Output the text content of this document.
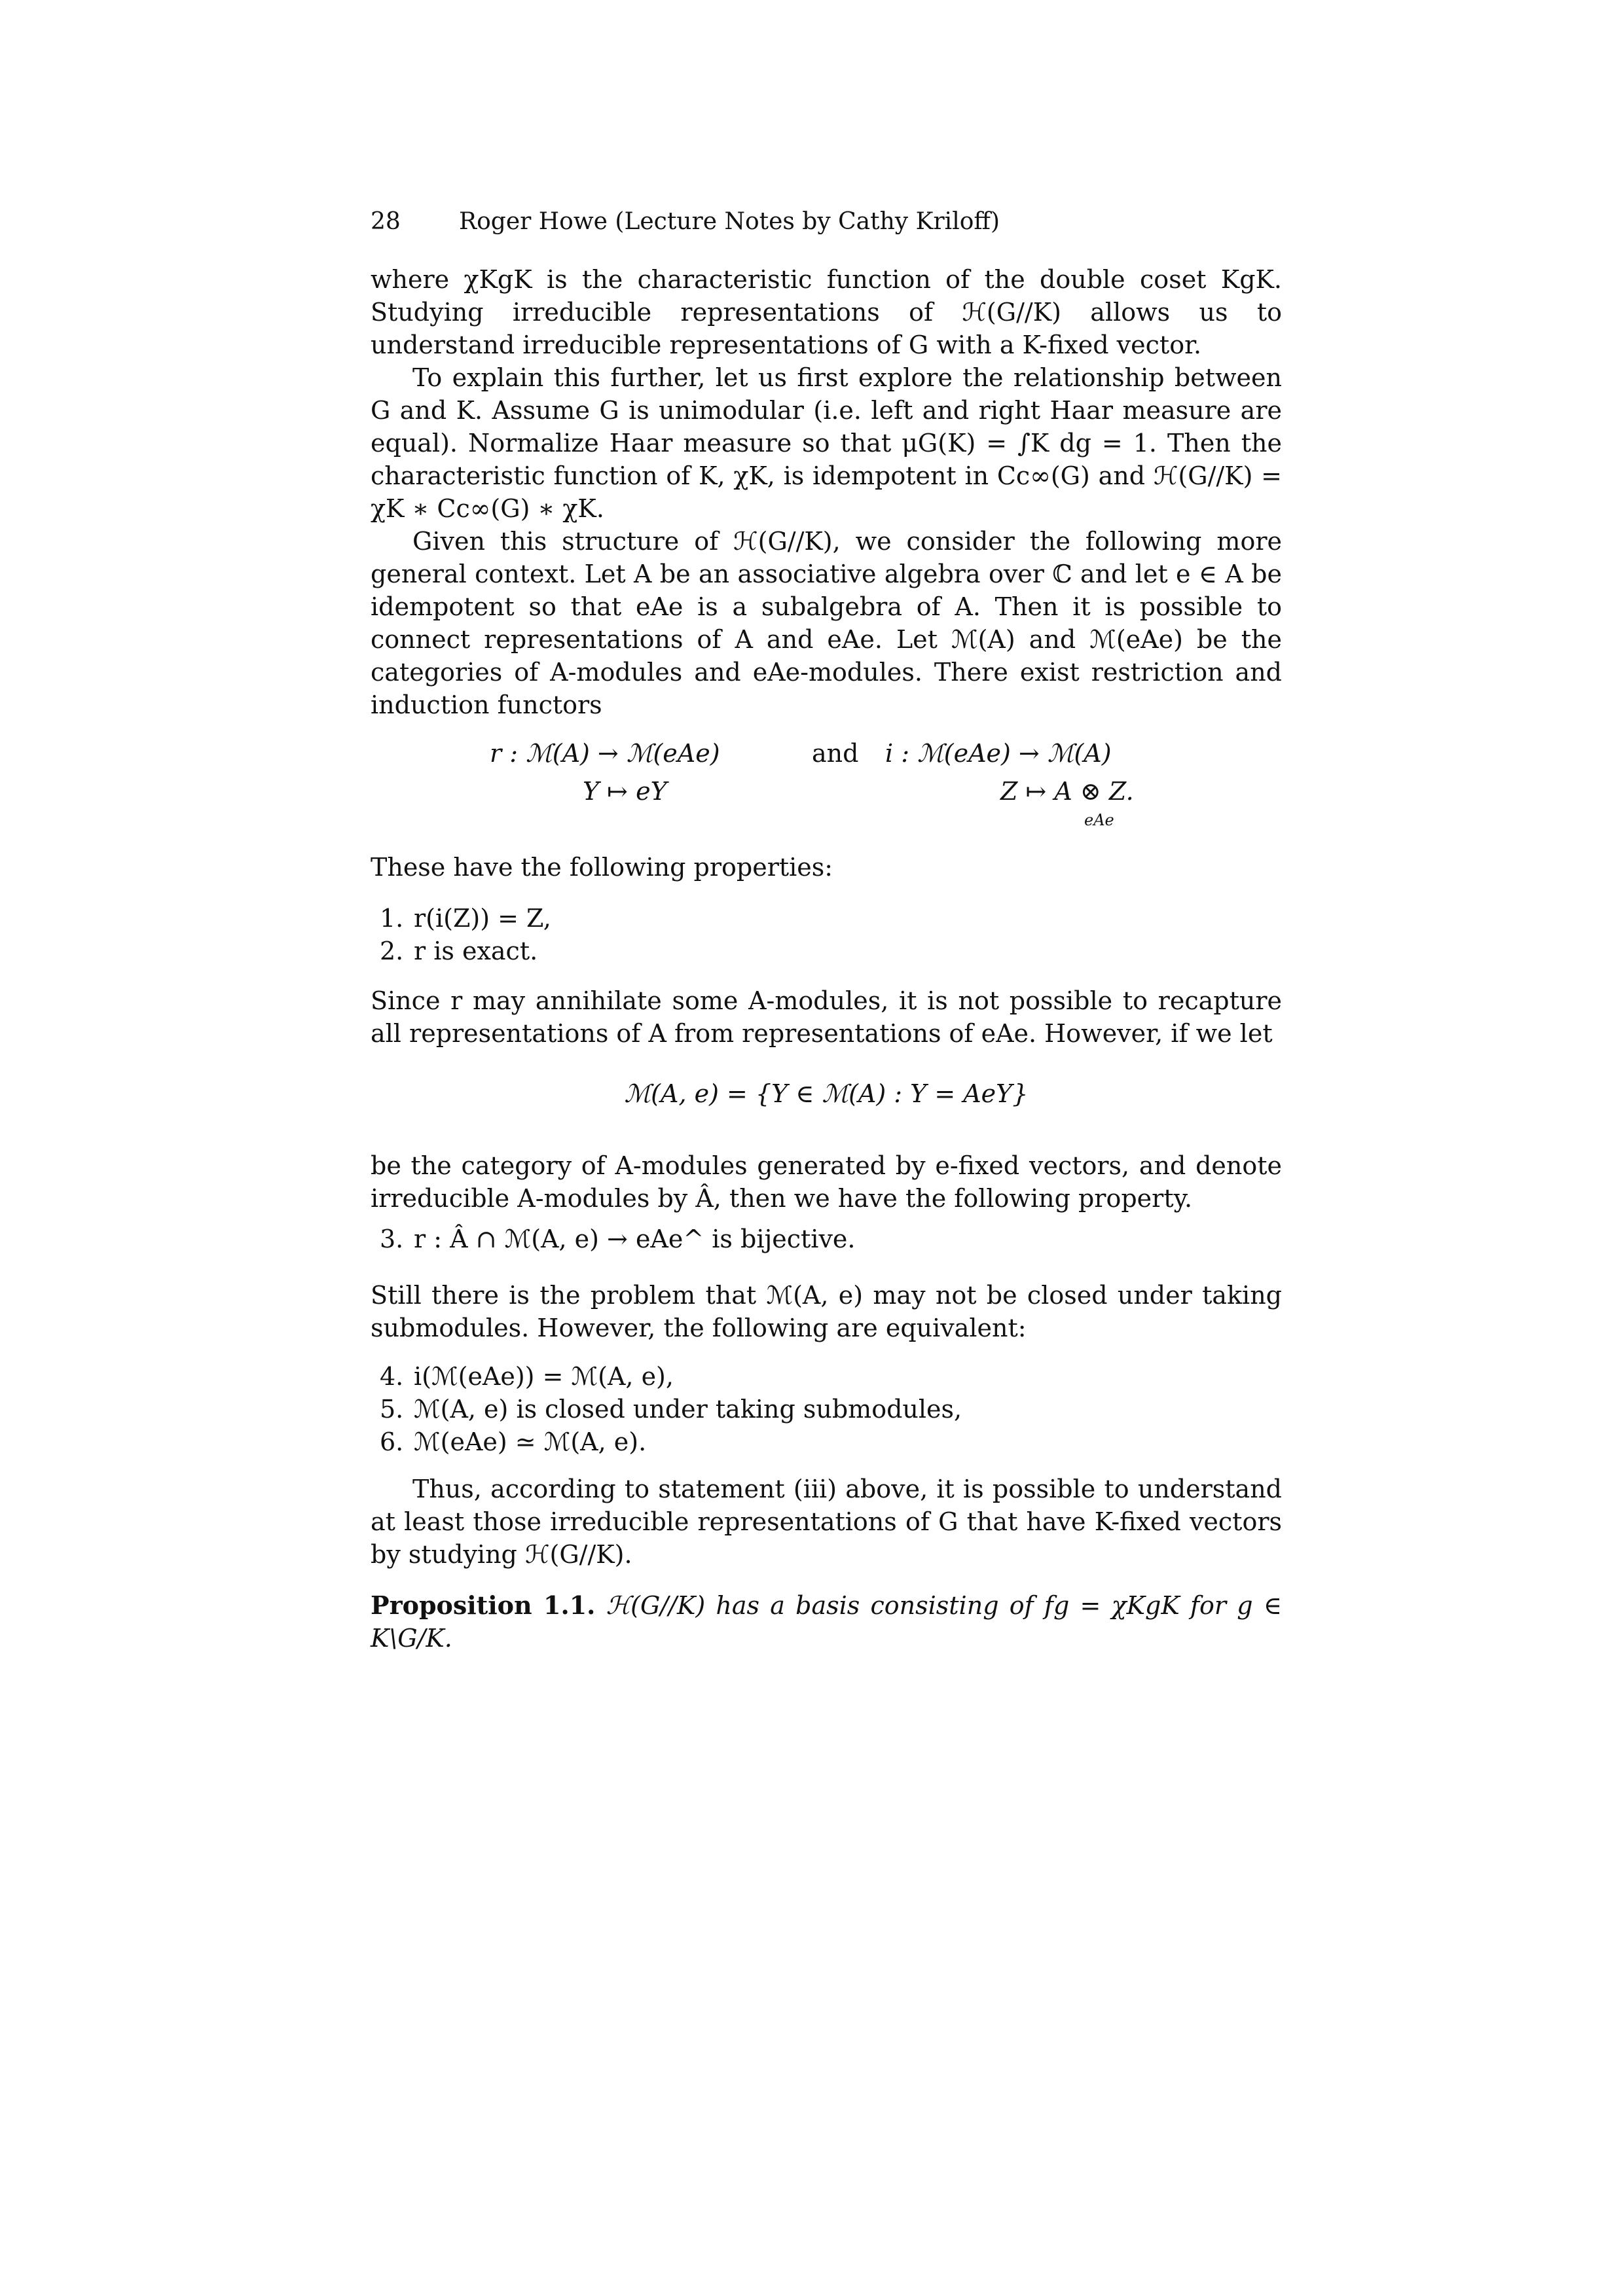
28	Roger Howe (Lecture Notes by Cathy Kriloff)

where χKgK is the characteristic function of the double coset KgK. Studying irreducible representations of ℋ(G//K) allows us to understand irreducible representations of G with a K-fixed vector.

To explain this further, let us first explore the relationship between G and K. Assume G is unimodular (i.e. left and right Haar measure are equal). Normalize Haar measure so that μG(K) = ∫K dg = 1. Then the characteristic function of K, χK, is idempotent in Cc∞(G) and ℋ(G//K) = χK ∗ Cc∞(G) ∗ χK.

Given this structure of ℋ(G//K), we consider the following more general context. Let A be an associative algebra over ℂ and let e ∈ A be idempotent so that eAe is a subalgebra of A. Then it is possible to connect representations of A and eAe. Let ℳ(A) and ℳ(eAe) be the categories of A-modules and eAe-modules. There exist restriction and induction functors

r : ℳ(A) → ℳ(eAe)
Y ↦ eY
and i : ℳ(eAe) → ℳ(A)
Z ↦ A ⊗ Z.
eAe
These have the following properties:
1. r(i(Z)) = Z,
2. r is exact.

Since r may annihilate some A-modules, it is not possible to recapture all representations of A from representations of eAe. However, if we let

ℳ(A, e) = {Y ∈ ℳ(A) : Y = AeY}

be the category of A-modules generated by e-fixed vectors, and denote irreducible A-modules by Â, then we have the following property.

3. r : Â ∩ ℳ(A, e) → eAe^ is bijective.

Still there is the problem that ℳ(A, e) may not be closed under taking submodules. However, the following are equivalent:

4. i(ℳ(eAe)) = ℳ(A, e),
5. ℳ(A, e) is closed under taking submodules,
6. ℳ(eAe) ≃ ℳ(A, e).

Thus, according to statement (iii) above, it is possible to understand at least those irreducible representations of G that have K-fixed vectors by studying ℋ(G//K).

Proposition 1.1. ℋ(G//K) has a basis consisting of fg = χKgK for g ∈ K\G/K.
